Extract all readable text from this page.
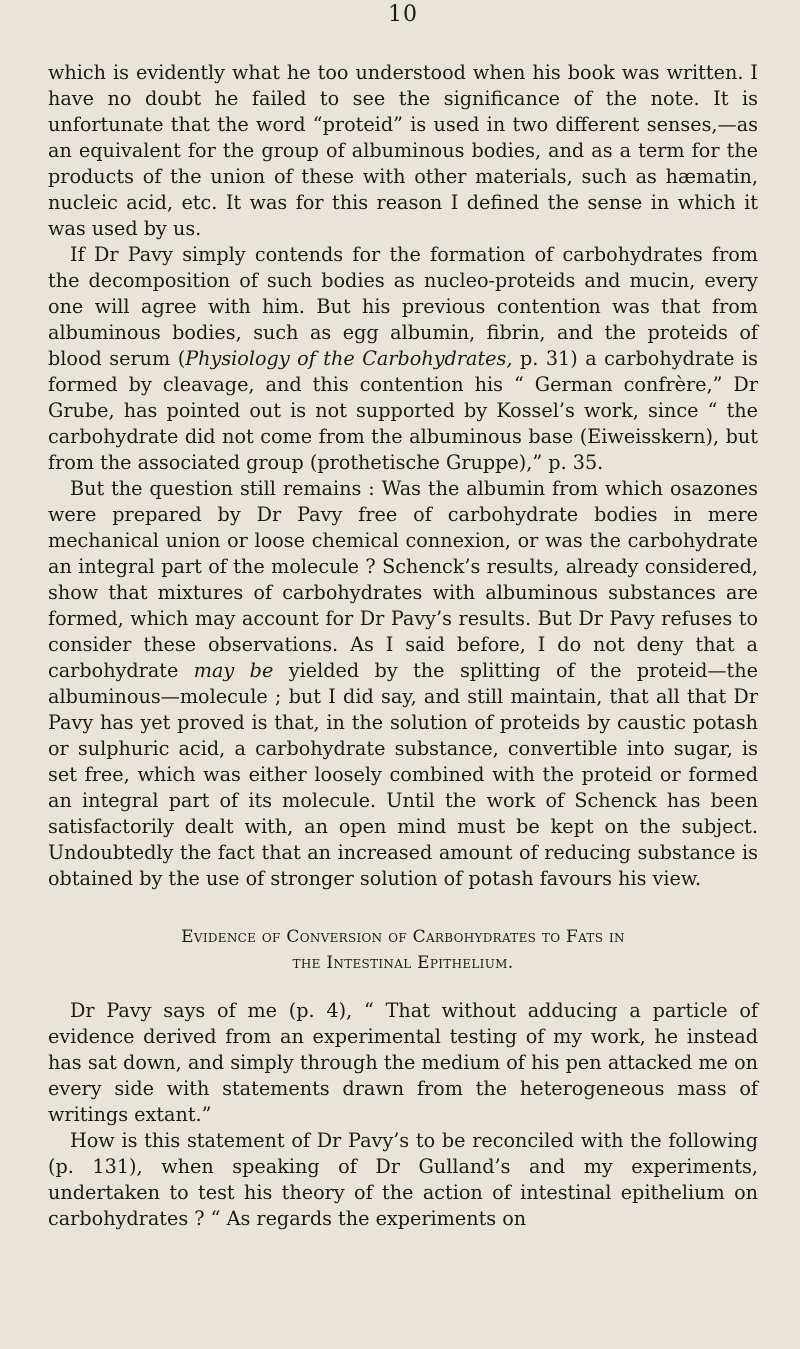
10

which is evidently what he too understood when his book was written. I have no doubt he failed to see the significance of the note. It is unfortunate that the word “proteid” is used in two different senses,—as an equivalent for the group of albuminous bodies, and as a term for the products of the union of these with other materials, such as hæmatin, nucleic acid, etc. It was for this reason I defined the sense in which it was used by us.

If Dr Pavy simply contends for the formation of carbohydrates from the decomposition of such bodies as nucleo-proteids and mucin, every one will agree with him. But his previous contention was that from albuminous bodies, such as egg albumin, fibrin, and the proteids of blood serum (Physiology of the Carbohydrates, p. 31) a carbohydrate is formed by cleavage, and this contention his “ German confrère,” Dr Grube, has pointed out is not supported by Kossel’s work, since “ the carbohydrate did not come from the albuminous base (Eiweisskern), but from the associated group (prothetische Gruppe),” p. 35.

But the question still remains : Was the albumin from which osazones were prepared by Dr Pavy free of carbohydrate bodies in mere mechanical union or loose chemical connexion, or was the carbohydrate an integral part of the molecule ? Schenck’s results, already considered, show that mixtures of carbohydrates with albuminous substances are formed, which may account for Dr Pavy’s results. But Dr Pavy refuses to consider these observations. As I said before, I do not deny that a carbohydrate may be yielded by the splitting of the proteid—the albuminous—molecule ; but I did say, and still maintain, that all that Dr Pavy has yet proved is that, in the solution of proteids by caustic potash or sulphuric acid, a carbohydrate substance, convertible into sugar, is set free, which was either loosely combined with the proteid or formed an integral part of its molecule. Until the work of Schenck has been satisfactorily dealt with, an open mind must be kept on the subject. Undoubtedly the fact that an increased amount of reducing substance is obtained by the use of stronger solution of potash favours his view.

Evidence of Conversion of Carbohydrates to Fats in
the Intestinal Epithelium.

Dr Pavy says of me (p. 4), “ That without adducing a particle of evidence derived from an experimental testing of my work, he instead has sat down, and simply through the medium of his pen attacked me on every side with statements drawn from the heterogeneous mass of writings extant.”

How is this statement of Dr Pavy’s to be reconciled with the following (p. 131), when speaking of Dr Gulland’s and my experiments, undertaken to test his theory of the action of intestinal epithelium on carbohydrates ? “ As regards the experiments on
